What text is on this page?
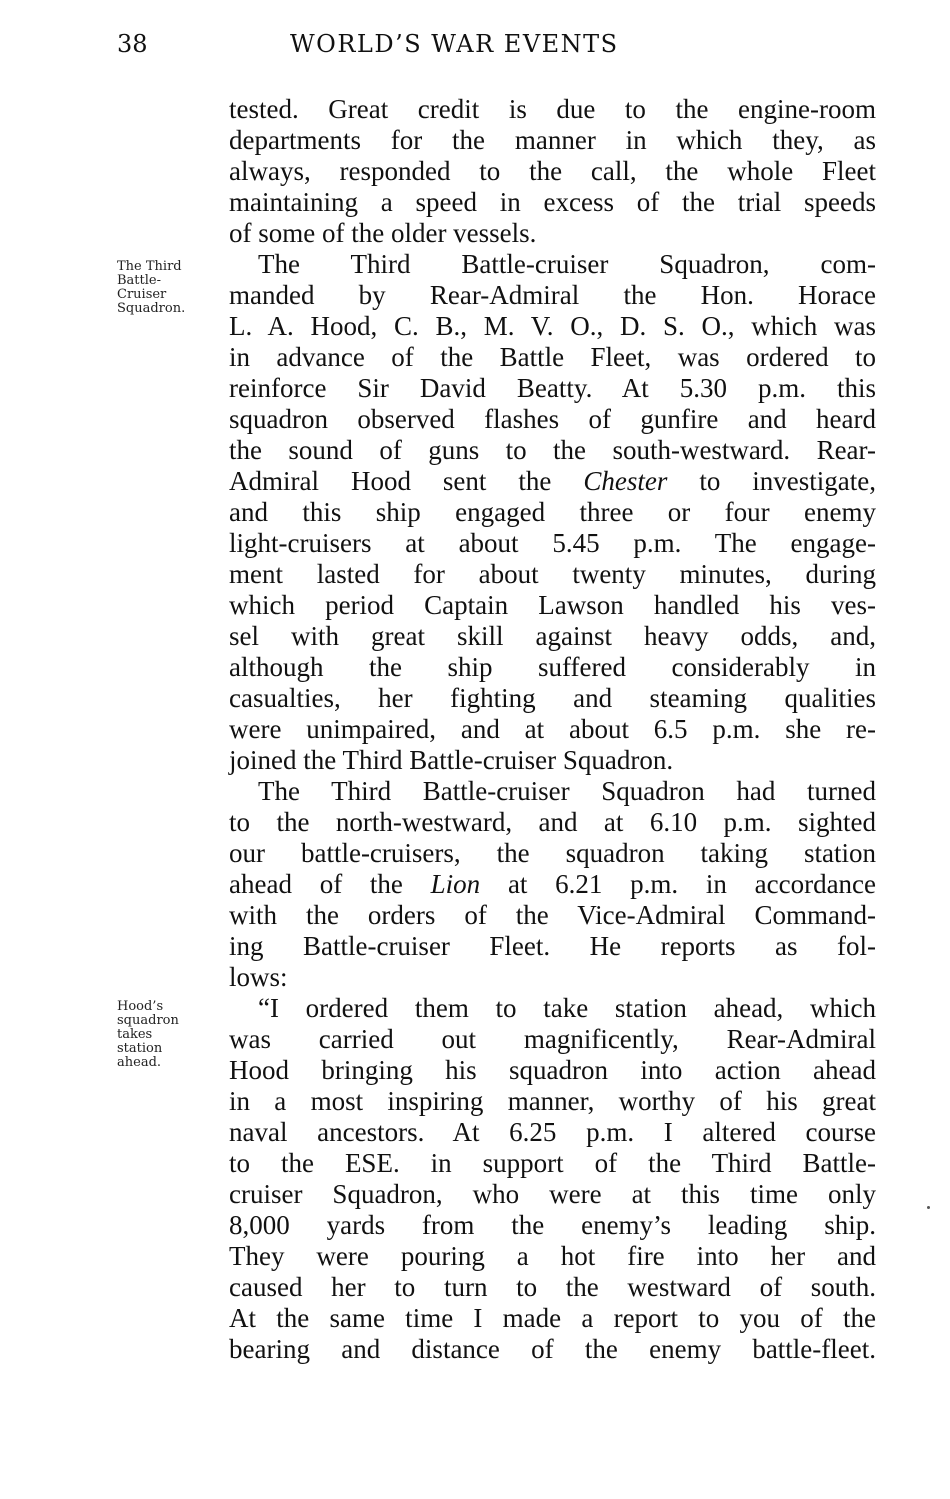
38	WORLD’S WAR EVENTS
The Third
Battle-
Cruiser
Squadron.
Hood’s
squadron
takes
station
ahead.
tested. Great credit is due to the engine-room
departments for the manner in which they, as
always, responded to the call, the whole Fleet
maintaining a speed in excess of the trial speeds
of some of the older vessels.
The Third Battle-cruiser Squadron, com-
manded by Rear-Admiral the Hon. Horace
L. A. Hood, C. B., M. V. O., D. S. O., which was
in advance of the Battle Fleet, was ordered to
reinforce Sir David Beatty. At 5.30 p.m. this
squadron observed flashes of gunfire and heard
the sound of guns to the south-westward. Rear-
Admiral Hood sent the Chester to investigate,
and this ship engaged three or four enemy
light-cruisers at about 5.45 p.m. The engage-
ment lasted for about twenty minutes, during
which period Captain Lawson handled his ves-
sel with great skill against heavy odds, and,
although the ship suffered considerably in
casualties, her fighting and steaming qualities
were unimpaired, and at about 6.5 p.m. she re-
joined the Third Battle-cruiser Squadron.
The Third Battle-cruiser Squadron had turned
to the north-westward, and at 6.10 p.m. sighted
our battle-cruisers, the squadron taking station
ahead of the Lion at 6.21 p.m. in accordance
with the orders of the Vice-Admiral Command-
ing Battle-cruiser Fleet. He reports as fol-
lows:
“I ordered them to take station ahead, which
was carried out magnificently, Rear-Admiral
Hood bringing his squadron into action ahead
in a most inspiring manner, worthy of his great
naval ancestors. At 6.25 p.m. I altered course
to the ESE. in support of the Third Battle-
cruiser Squadron, who were at this time only
8,000 yards from the enemy’s leading ship.
They were pouring a hot fire into her and
caused her to turn to the westward of south.
At the same time I made a report to you of the
bearing and distance of the enemy battle-fleet.
